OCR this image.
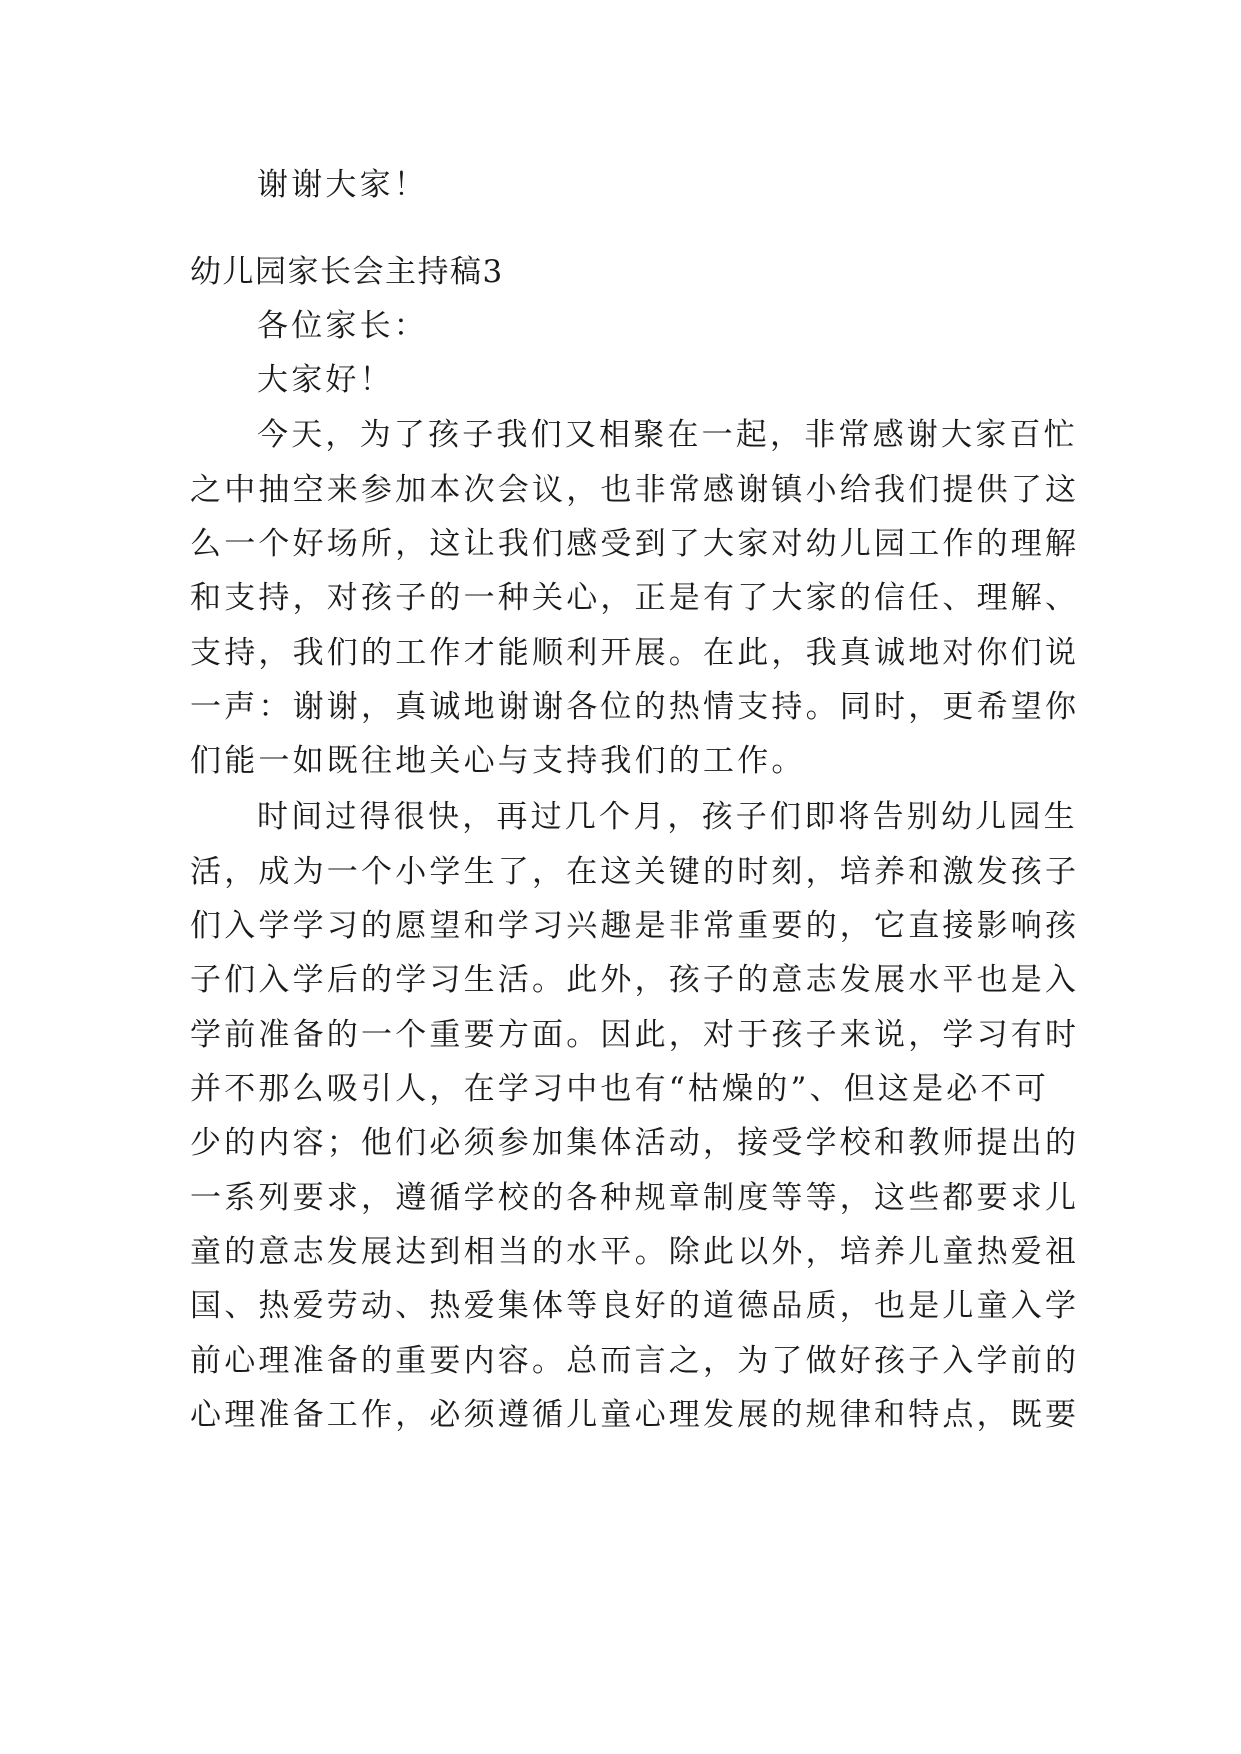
谢谢大家！
幼儿园家长会主持稿3
各位家长：
大家好！
今天，为了孩子我们又相聚在一起，非常感谢大家百忙
之中抽空来参加本次会议，也非常感谢镇小给我们提供了这
么一个好场所，这让我们感受到了大家对幼儿园工作的理解
和支持，对孩子的一种关心，正是有了大家的信任、理解、
支持，我们的工作才能顺利开展。在此，我真诚地对你们说
一声：谢谢，真诚地谢谢各位的热情支持。同时，更希望你
们能一如既往地关心与支持我们的工作。
时间过得很快，再过几个月，孩子们即将告别幼儿园生
活，成为一个小学生了，在这关键的时刻，培养和激发孩子
们入学学习的愿望和学习兴趣是非常重要的，它直接影响孩
子们入学后的学习生活。此外，孩子的意志发展水平也是入
学前准备的一个重要方面。因此，对于孩子来说，学习有时
并不那么吸引人，在学习中也有“枯燥的”、但这是必不可
少的内容；他们必须参加集体活动，接受学校和教师提出的
一系列要求，遵循学校的各种规章制度等等，这些都要求儿
童的意志发展达到相当的水平。除此以外，培养儿童热爱祖
国、热爱劳动、热爱集体等良好的道德品质，也是儿童入学
前心理准备的重要内容。总而言之，为了做好孩子入学前的
心理准备工作，必须遵循儿童心理发展的规律和特点，既要
